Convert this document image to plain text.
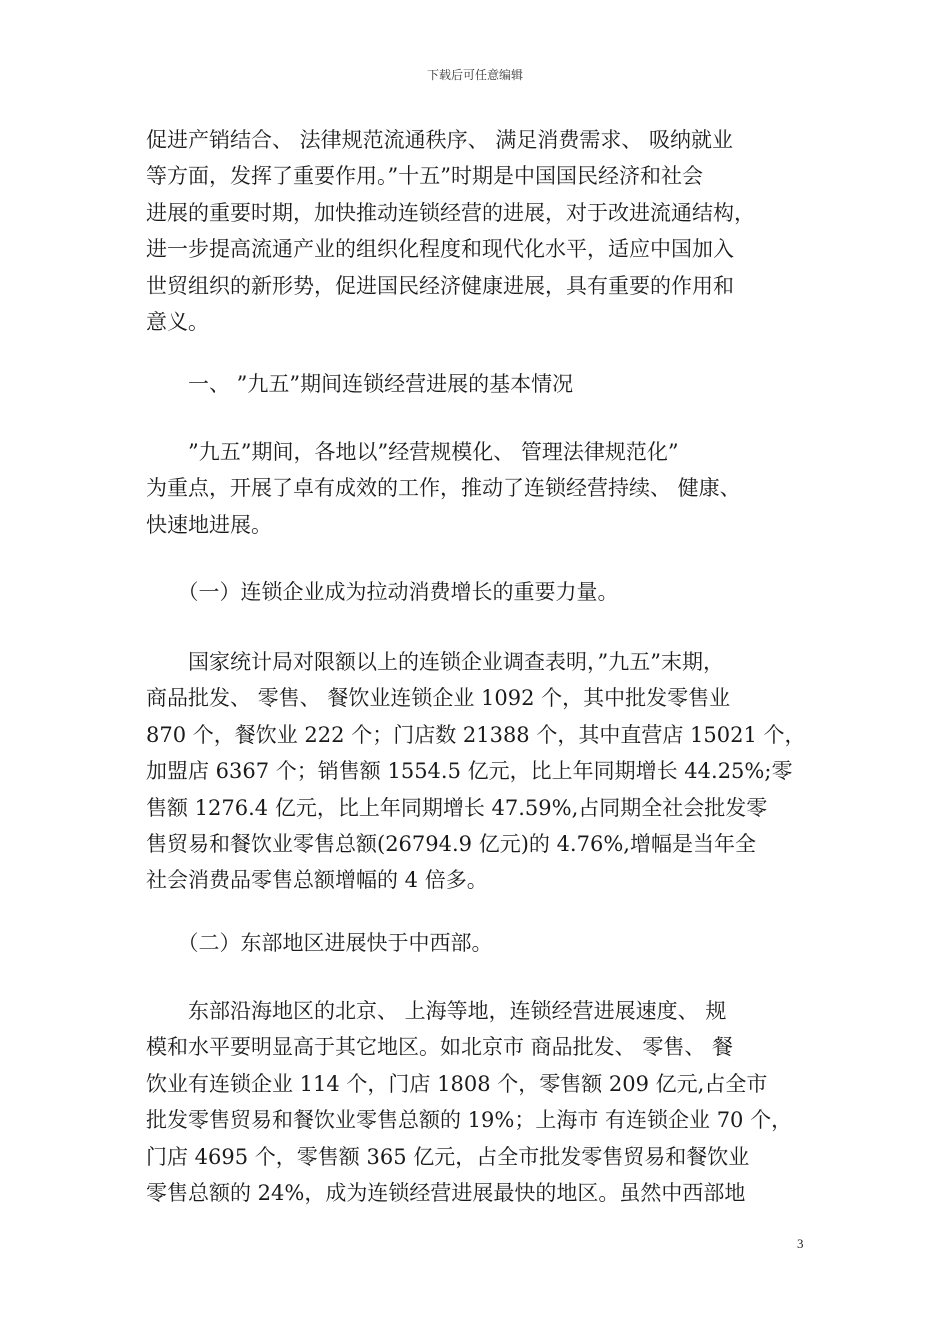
下载后可任意编辑
促进产销结合、 法律规范流通秩序、 满足消费需求、 吸纳就业
等方面，发挥了重要作用。”十五”时期是中国国民经济和社会
进展的重要时期，加快推动连锁经营的进展，对于改进流通结构，
进一步提高流通产业的组织化程度和现代化水平，适应中国加入
世贸组织的新形势，促进国民经济健康进展，具有重要的作用和
意义。
　　一、 ”九五”期间连锁经营进展的基本情况
　　”九五”期间，各地以”经营规模化、 管理法律规范化”
为重点，开展了卓有成效的工作，推动了连锁经营持续、 健康、
快速地进展。
　　（一）连锁企业成为拉动消费增长的重要力量。
　　国家统计局对限额以上的连锁企业调查表明，”九五”末期，
商品批发、 零售、 餐饮业连锁企业 1092 个，其中批发零售业
870 个，餐饮业 222 个；门店数 21388 个，其中直营店 15021 个，
加盟店 6367 个；销售额 1554.5 亿元，比上年同期增长 44.25%;零
售额 1276.4 亿元，比上年同期增长 47.59%,占同期全社会批发零
售贸易和餐饮业零售总额(26794.9 亿元)的 4.76%,增幅是当年全
社会消费品零售总额增幅的 4 倍多。
　　（二）东部地区进展快于中西部。
　　东部沿海地区的北京、 上海等地，连锁经营进展速度、 规
模和水平要明显高于其它地区。如北京市 商品批发、 零售、 餐
饮业有连锁企业 114 个，门店 1808 个，零售额 209 亿元,占全市
批发零售贸易和餐饮业零售总额的 19%；上海市 有连锁企业 70 个，
门店 4695 个，零售额 365 亿元，占全市批发零售贸易和餐饮业
零售总额的 24%，成为连锁经营进展最快的地区。虽然中西部地
3
